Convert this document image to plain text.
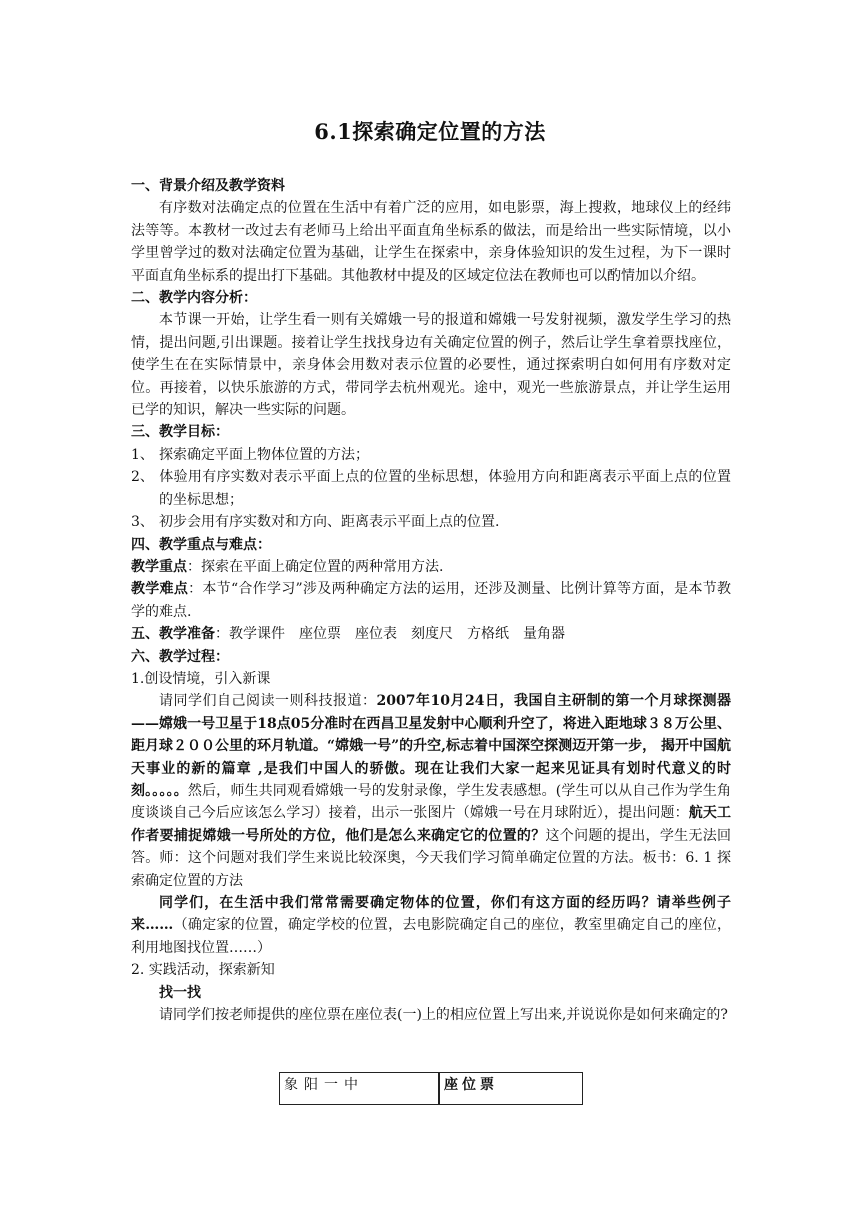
6.1探索确定位置的方法

一、背景介绍及教学资料

有序数对法确定点的位置在生活中有着广泛的应用，如电影票，海上搜救，地球仪上的经纬法等等。本教材一改过去有老师马上给出平面直角坐标系的做法，而是给出一些实际情境，以小学里曾学过的数对法确定位置为基础，让学生在探索中，亲身体验知识的发生过程，为下一课时平面直角坐标系的提出打下基础。其他教材中提及的区域定位法在教师也可以酌情加以介绍。

二、教学内容分析：

本节课一开始，让学生看一则有关嫦娥一号的报道和嫦娥一号发射视频，激发学生学习的热情，提出问题,引出课题。接着让学生找找身边有关确定位置的例子，然后让学生拿着票找座位，使学生在在实际情景中，亲身体会用数对表示位置的必要性，通过探索明白如何用有序数对定位。再接着，以快乐旅游的方式，带同学去杭州观光。途中，观光一些旅游景点，并让学生运用已学的知识，解决一些实际的问题。

三、教学目标：

1、 探索确定平面上物体位置的方法；

2、 体验用有序实数对表示平面上点的位置的坐标思想，体验用方向和距离表示平面上点的位置的坐标思想；

3、 初步会用有序实数对和方向、距离表示平面上点的位置.

四、教学重点与难点：

教学重点：探索在平面上确定位置的两种常用方法.

教学难点：本节“合作学习”涉及两种确定方法的运用，还涉及测量、比例计算等方面，是本节教学的难点.

五、教学准备：教学课件 座位票 座位表 刻度尺 方格纸 量角器

六、教学过程：

1.创设情境，引入新课

请同学们自己阅读一则科技报道：2007年10月24日，我国自主研制的第一个月球探测器——嫦娥一号卫星于18点05分准时在西昌卫星发射中心顺利升空了，将进入距地球３８万公里、距月球２００公里的环月轨道。“嫦娥一号”的升空,标志着中国深空探测迈开第一步， 揭开中国航天事业的新的篇章 ,是我们中国人的骄傲。现在让我们大家一起来见证具有划时代意义的时刻。。。。。然后，师生共同观看嫦娥一号的发射录像，学生发表感想。(学生可以从自己作为学生角度谈谈自己今后应该怎么学习）接着，出示一张图片（嫦娥一号在月球附近），提出问题：航天工作者要捕捉嫦娥一号所处的方位，他们是怎么来确定它的位置的？这个问题的提出，学生无法回答。师：这个问题对我们学生来说比较深奥，今天我们学习简单确定位置的方法。板书：6. 1 探索确定位置的方法

同学们，在生活中我们常常需要确定物体的位置，你们有这方面的经历吗？请举些例子来……（确定家的位置，确定学校的位置，去电影院确定自己的座位，教室里确定自己的座位，利用地图找位置……）

2. 实践活动，探索新知

找一找

请同学们按老师提供的座位票在座位表(一)上的相应位置上写出来,并说说你是如何来确定的?

象阳一中	座位票
